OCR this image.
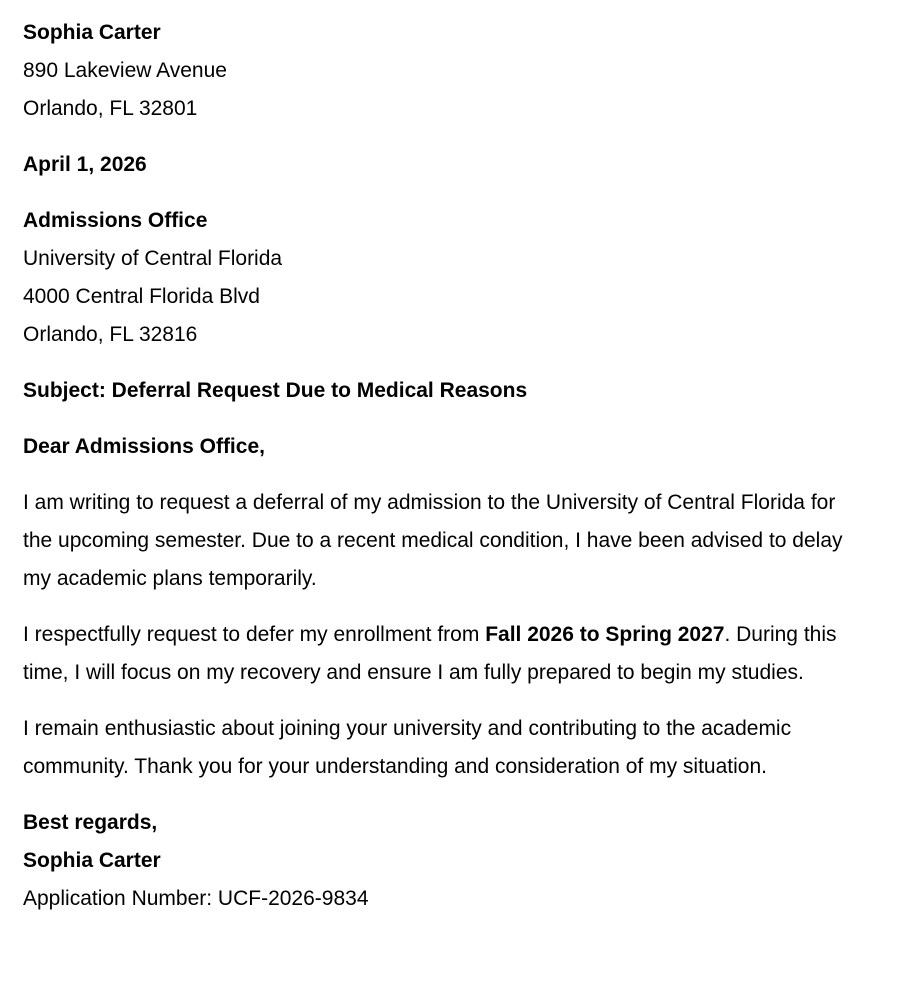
Sophia Carter
890 Lakeview Avenue
Orlando, FL 32801
April 1, 2026
Admissions Office
University of Central Florida
4000 Central Florida Blvd
Orlando, FL 32816
Subject: Deferral Request Due to Medical Reasons
Dear Admissions Office,

I am writing to request a deferral of my admission to the University of Central Florida for the upcoming semester. Due to a recent medical condition, I have been advised to delay my academic plans temporarily.

I respectfully request to defer my enrollment from Fall 2026 to Spring 2027. During this time, I will focus on my recovery and ensure I am fully prepared to begin my studies.

I remain enthusiastic about joining your university and contributing to the academic community. Thank you for your understanding and consideration of my situation.

Best regards,
Sophia Carter
Application Number: UCF-2026-9834
